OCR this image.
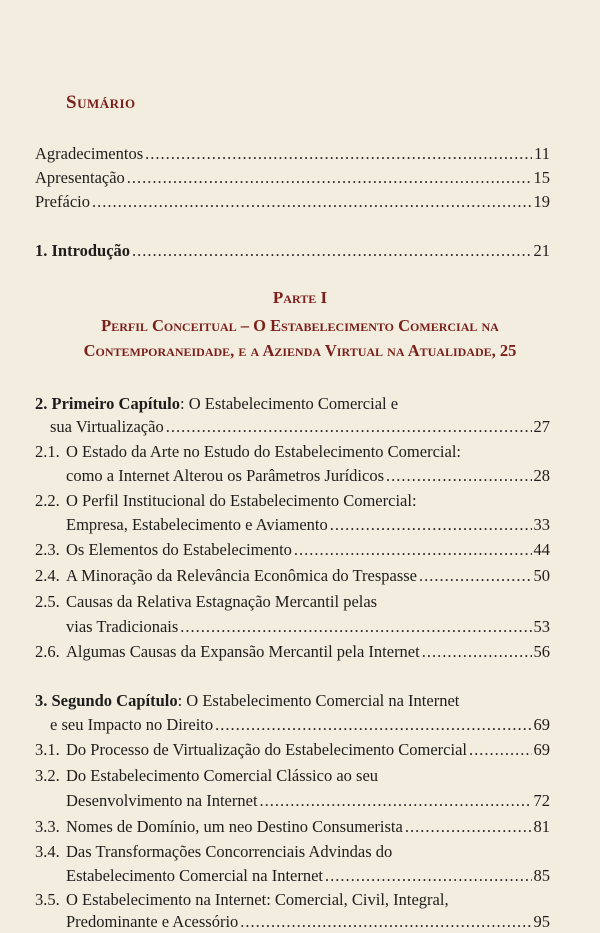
Sumário
Agradecimentos .....	11
Apresentação .....	15
Prefácio .....	19
1. Introdução .....	21
Parte I
Perfil Conceitual – O Estabelecimento Comercial na
Contemporaneidade, e a Azienda Virtual na Atualidade, 25
2. Primeiro Capítulo: O Estabelecimento Comercial e
sua Virtualização .....	27
2.1. O Estado da Arte no Estudo do Estabelecimento Comercial:
como a Internet Alterou os Parâmetros Jurídicos .....	28
2.2. O Perfil Institucional do Estabelecimento Comercial:
Empresa, Estabelecimento e Aviamento .....	33
2.3. Os Elementos do Estabelecimento .....	44
2.4. A Minoração da Relevância Econômica do Trespasse .....	50
2.5. Causas da Relativa Estagnação Mercantil pelas
vias Tradicionais .....	53
2.6. Algumas Causas da Expansão Mercantil pela Internet .....	56
3. Segundo Capítulo: O Estabelecimento Comercial na Internet
e seu Impacto no Direito .....	69
3.1. Do Processo de Virtualização do Estabelecimento Comercial .....	69
3.2. Do Estabelecimento Comercial Clássico ao seu
Desenvolvimento na Internet .....	72
3.3. Nomes de Domínio, um neo Destino Consumerista .....	81
3.4. Das Transformações Concorrenciais Advindas do
Estabelecimento Comercial na Internet .....	85
3.5. O Estabelecimento na Internet: Comercial, Civil, Integral,
Predominante e Acessório .....	95
